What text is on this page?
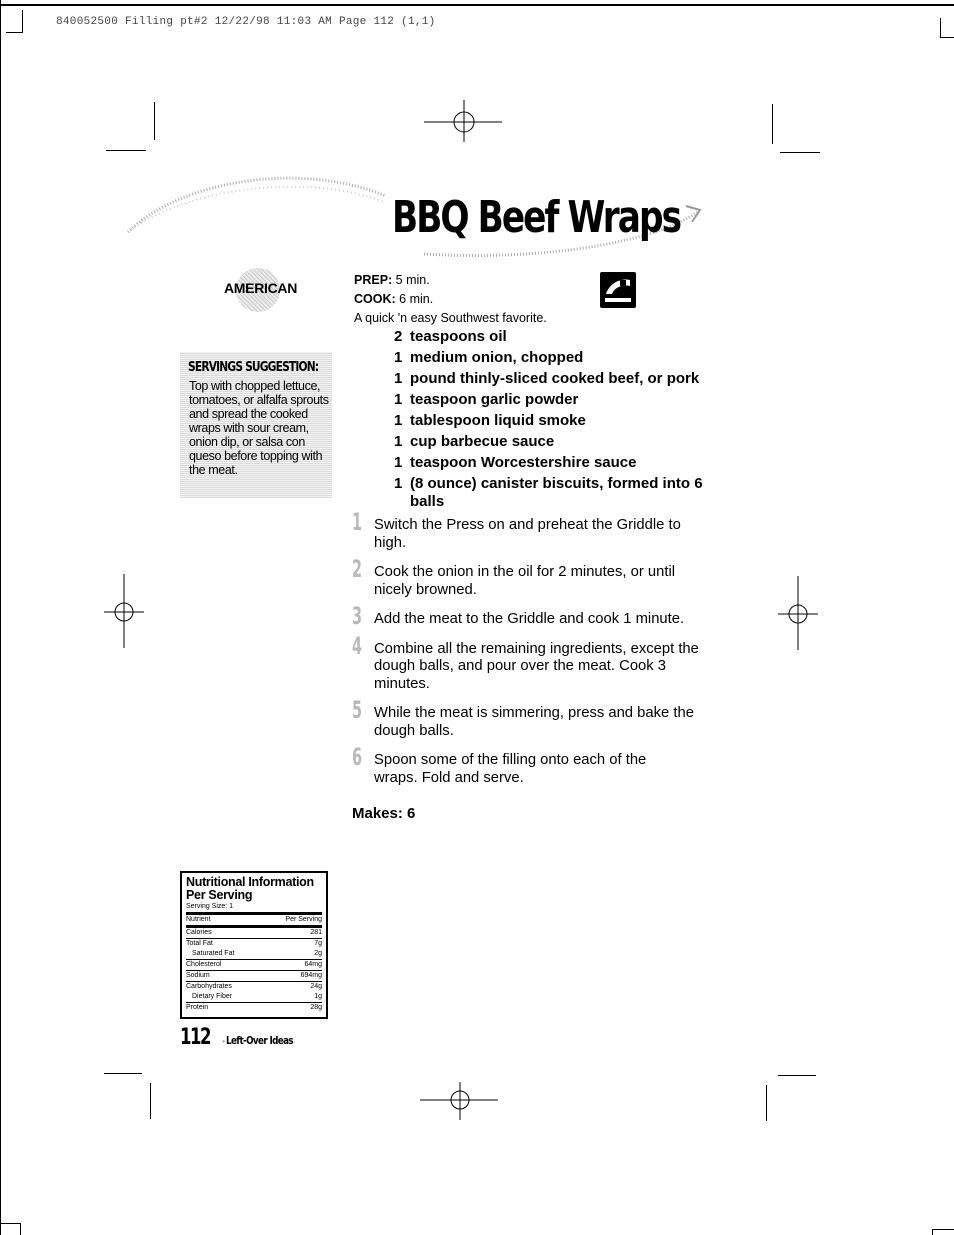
840052500 Filling pt#2 12/22/98 11:03 AM Page 112 (1,1)
BBQ Beef Wraps
AMERICAN
SERVINGS SUGGESTION:
Top with chopped lettuce, tomatoes, or alfalfa sprouts and spread the cooked wraps with sour cream, onion dip, or salsa con queso before topping with the meat.
PREP: 5 min.
COOK: 6 min.
A quick 'n easy Southwest favorite.
2 teaspoons oil
1 medium onion, chopped
1 pound thinly-sliced cooked beef, or pork
1 teaspoon garlic powder
1 tablespoon liquid smoke
1 cup barbecue sauce
1 teaspoon Worcestershire sauce
1 (8 ounce) canister biscuits, formed into 6 balls
1 Switch the Press on and preheat the Griddle to high.
2 Cook the onion in the oil for 2 minutes, or until nicely browned.
3 Add the meat to the Griddle and cook 1 minute.
4 Combine all the remaining ingredients, except the dough balls, and pour over the meat. Cook 3 minutes.
5 While the meat is simmering, press and bake the dough balls.
6 Spoon some of the filling onto each of the wraps. Fold and serve.
Makes: 6
Nutritional Information Per Serving
Serving Size: 1
Nutrient	Per Serving
Calories	281
Total Fat	7g
Saturated Fat	2g
Cholesterol	64mg
Sodium	694mg
Carbohydrates	24g
Dietary Fiber	1g
Protein	28g
112 • Left-Over Ideas
